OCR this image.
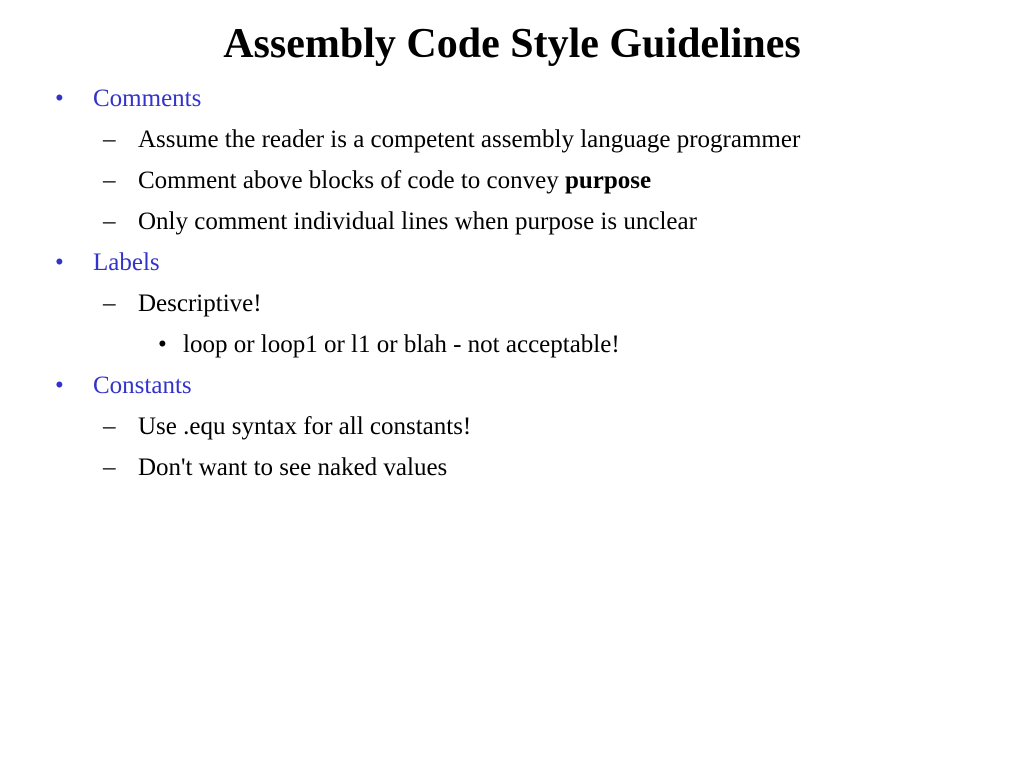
Assembly Code Style Guidelines
• Comments
– Assume the reader is a competent assembly language programmer
– Comment above blocks of code to convey purpose
– Only comment individual lines when purpose is unclear
• Labels
– Descriptive!
• loop or loop1 or l1 or blah - not acceptable!
• Constants
– Use .equ syntax for all constants!
– Don't want to see naked values
